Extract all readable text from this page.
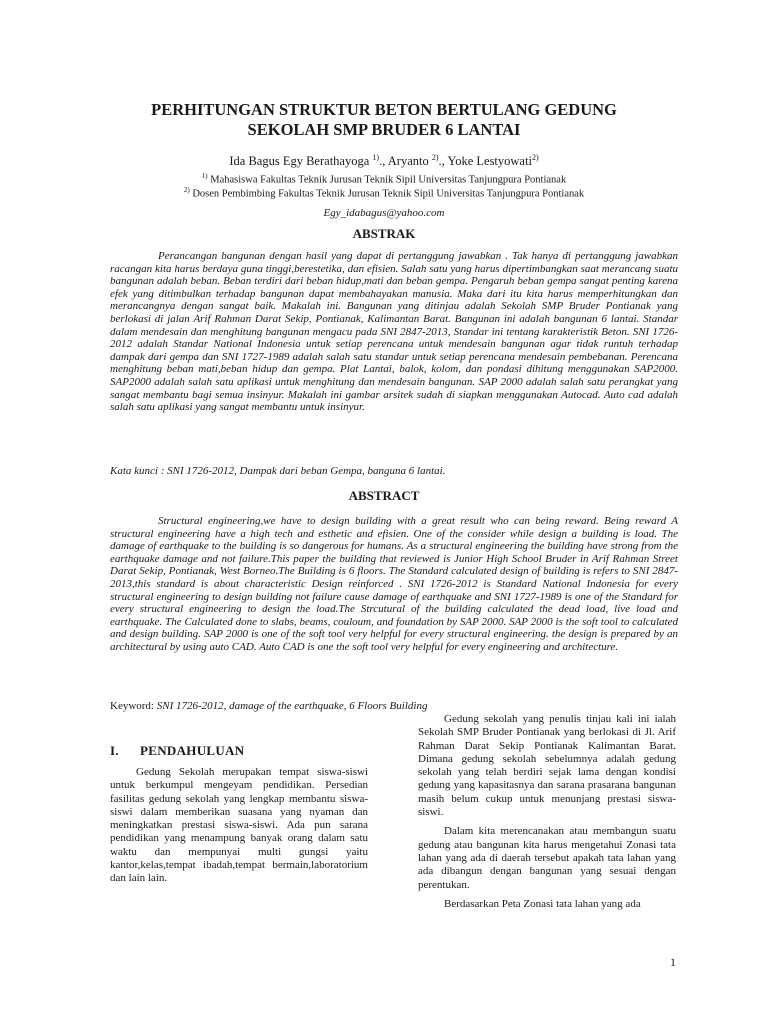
PERHITUNGAN STRUKTUR BETON BERTULANG GEDUNG
SEKOLAH SMP BRUDER 6 LANTAI
Ida Bagus Egy Berathayoga $^{1)}$., Aryanto $^{2)}$., Yoke Lestyowati$^{2)}$
$^{1)}$ Mahasiswa Fakultas Teknik Jurusan Teknik Sipil Universitas Tanjungpura Pontianak
$^{2)}$ Dosen Pembimbing Fakultas Teknik Jurusan Teknik Sipil Universitas Tanjungpura Pontianak
Egy_idabagus@yahoo.com
ABSTRAK

Perancangan bangunan dengan hasil yang dapat di pertanggung jawabkan . Tak hanya di pertanggung jawabkan racangan kita harus berdaya guna tinggi,berestetika, dan efisien. Salah satu yang harus dipertimbangkan saat merancang suatu bangunan adalah beban. Beban terdiri dari beban hidup,mati dan beban gempa. Pengaruh beban gempa sangat penting karena efek yang ditimbulkan terhadap bangunan dapat membahayakan manusia. Maka dari itu kita harus memperhitungkan dan merancangnya dengan sangat baik. Makalah ini. Bangunan yang ditinjau adalah Sekolah SMP Bruder Pontianak yang berlokasi di jalan Arif Rahman Darat Sekip, Pontianak, Kalimantan Barat. Bangunan ini adalah bangunan 6 lantai. Standar dalam mendesain dan menghitung bangunan mengacu pada SNI 2847-2013, Standar ini tentang karakteristik Beton. SNI 1726-2012 adalah Standar National Indonesia untuk setiap perencana untuk mendesain bangunan agar tidak runtuh terhadap dampak dari gempa dan SNI 1727-1989 adalah salah satu standar untuk setiap perencana mendesain pembebanan. Perencana menghitung beban mati,beban hidup dan gempa. Plat Lantai, balok, kolom, dan pondasi dihitung menggunakan SAP2000. SAP2000 adalah salah satu aplikasi untuk menghitung dan mendesain bangunan. SAP 2000 adalah salah satu perangkat yang sangat membantu bagi semua insinyur. Makalah ini gambar arsitek sudah di siapkan menggunakan Autocad. Auto cad adalah salah satu aplikasi yang sangat membantu untuk insinyur.

Kata kunci : SNI 1726-2012, Dampak dari beban Gempa, banguna 6 lantai.

ABSTRACT

Structural engineering,we have to design building with a great result who can being reward. Being reward A structural engineering have a high tech and esthetic and efisien. One of the consider while design a building is load. The damage of earthquake to the building is so dangerous for humans. As a structural engineering the building have strong from the earthquake damage and not failure.This paper the building that reviewed is Junior High School Bruder in Arif Rahman Street Darat Sekip, Pontianak, West Borneo.The Building is 6 floors. The Standard calculated design of building is refers to SNI 2847-2013,this standard is about characteristic Design reinforced . SNI 1726-2012 is Standard National Indonesia for every structural engineering to design building not failure cause damage of earthquake and SNI 1727-1989 is one of the Standard for every structural engineering to design the load.The Strcutural of the building calculated the dead load, live load and earthquake. The Calculated done to slabs, beams, couloum, and foundation by SAP 2000. SAP 2000 is the soft tool to calculated and design building. SAP 2000 is one of the soft tool very helpful for every structural engineering. the design is prepared by an architectural by using auto CAD. Auto CAD is one the soft tool very helpful for every engineering and architecture.

Keyword: SNI 1726-2012, damage of the earthquake, 6 Floors Building

I. PENDAHULUAN

Gedung Sekolah merupakan tempat siswa-siswi untuk berkumpul mengeyam pendidikan. Persedian fasilitas gedung sekolah yang lengkap membantu siswa-siswi dalam memberikan suasana yang nyaman dan meningkatkan prestasi siswa-siswi. Ada pun sarana pendidikan yang menampung banyak orang dalam satu waktu dan mempunyai multi gungsi yaitu kantor,kelas,tempat ibadah,tempat bermain,laboratorium dan lain lain.

Gedung sekolah yang penulis tinjau kali ini ialah Sekolah SMP Bruder Pontianak yang berlokasi di Jl. Arif Rahman Darat Sekip Pontianak Kalimantan Barat. Dimana gedung sekolah sebelumnya adalah gedung sekolah yang telah berdiri sejak lama dengan kondisi gedung yang kapasitasnya dan sarana prasarana bangunan masih belum cukup untuk menunjang prestasi siswa-siswi.

Dalam kita merencanakan atau membangun suatu gedung atau bangunan kita harus mengetahui Zonasi tata lahan yang ada di daerah tersebut apakah tata lahan yang ada dibangun dengan bangunan yang sesuai dengan perentukan.

Berdasarkan Peta Zonasi tata lahan yang ada

1
